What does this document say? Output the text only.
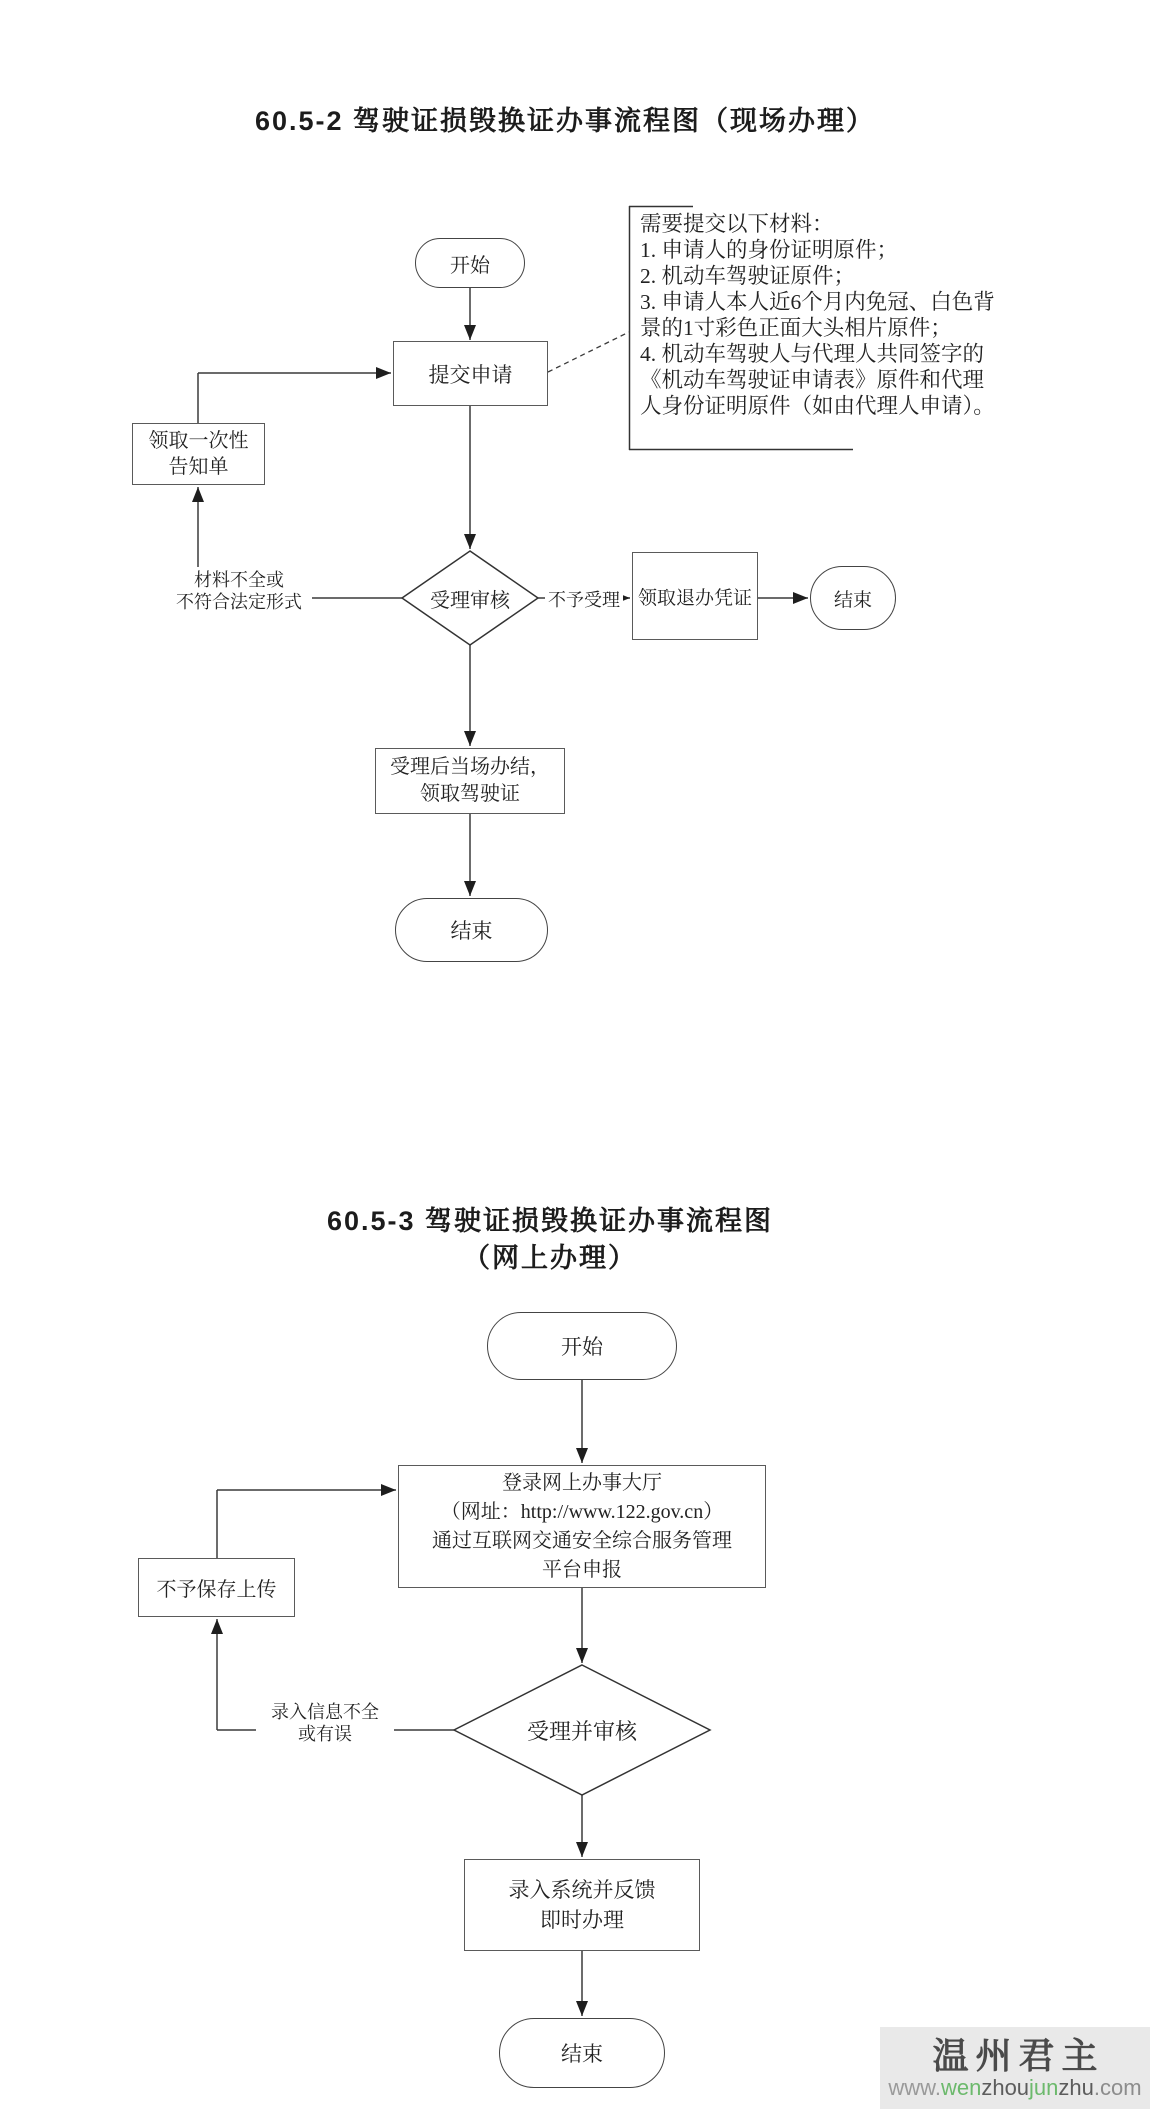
60.5-2 驾驶证损毁换证办事流程图（现场办理）
开始
提交申请
需要提交以下材料：
1. 申请人的身份证明原件；
2. 机动车驾驶证原件；
3. 申请人本人近6个月内免冠、白色背景的1寸彩色正面大头相片原件；
4. 机动车驾驶人与代理人共同签字的《机动车驾驶证申请表》原件和代理人身份证明原件（如由代理人申请）。
领取一次性告知单
受理审核 不予受理
材料不全或
不符合法定形式	领取退办凭证	结束
受理后当场办结，领取驾驶证
结束
60.5-3 驾驶证损毁换证办事流程图
（网上办理）
开始
登录网上办事大厅
（网址：http://www.122.gov.cn）
通过互联网交通安全综合服务管理
平台申报
不予保存上传
受理并审核
录入信息不全
或有误
录入系统并反馈
即时办理
结束	温州君主
www.wenzhoujunzhu.com
